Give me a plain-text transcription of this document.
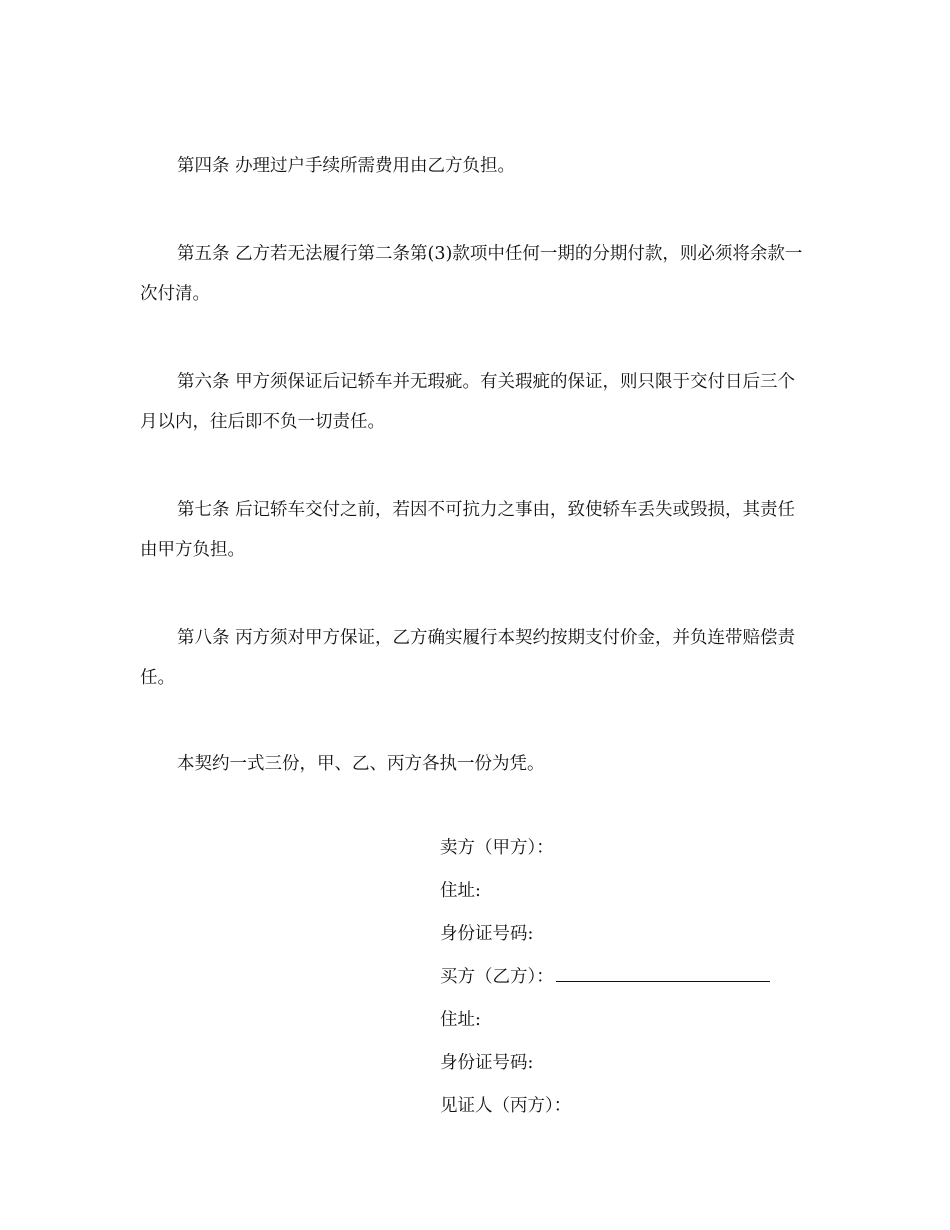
第四条 办理过户手续所需费用由乙方负担。

第五条 乙方若无法履行第二条第(3)款项中任何一期的分期付款，则必须将余款一次付清。

第六条 甲方须保证后记轿车并无瑕疵。有关瑕疵的保证，则只限于交付日后三个月以内，往后即不负一切责任。

第七条 后记轿车交付之前，若因不可抗力之事由，致使轿车丢失或毁损，其责任由甲方负担。

第八条 丙方须对甲方保证，乙方确实履行本契约按期支付价金，并负连带赔偿责任。

本契约一式三份，甲、乙、丙方各执一份为凭。

卖方（甲方）：
住址:
身份证号码:
买方（乙方）：
住址:
身份证号码:
见证人（丙方）：
